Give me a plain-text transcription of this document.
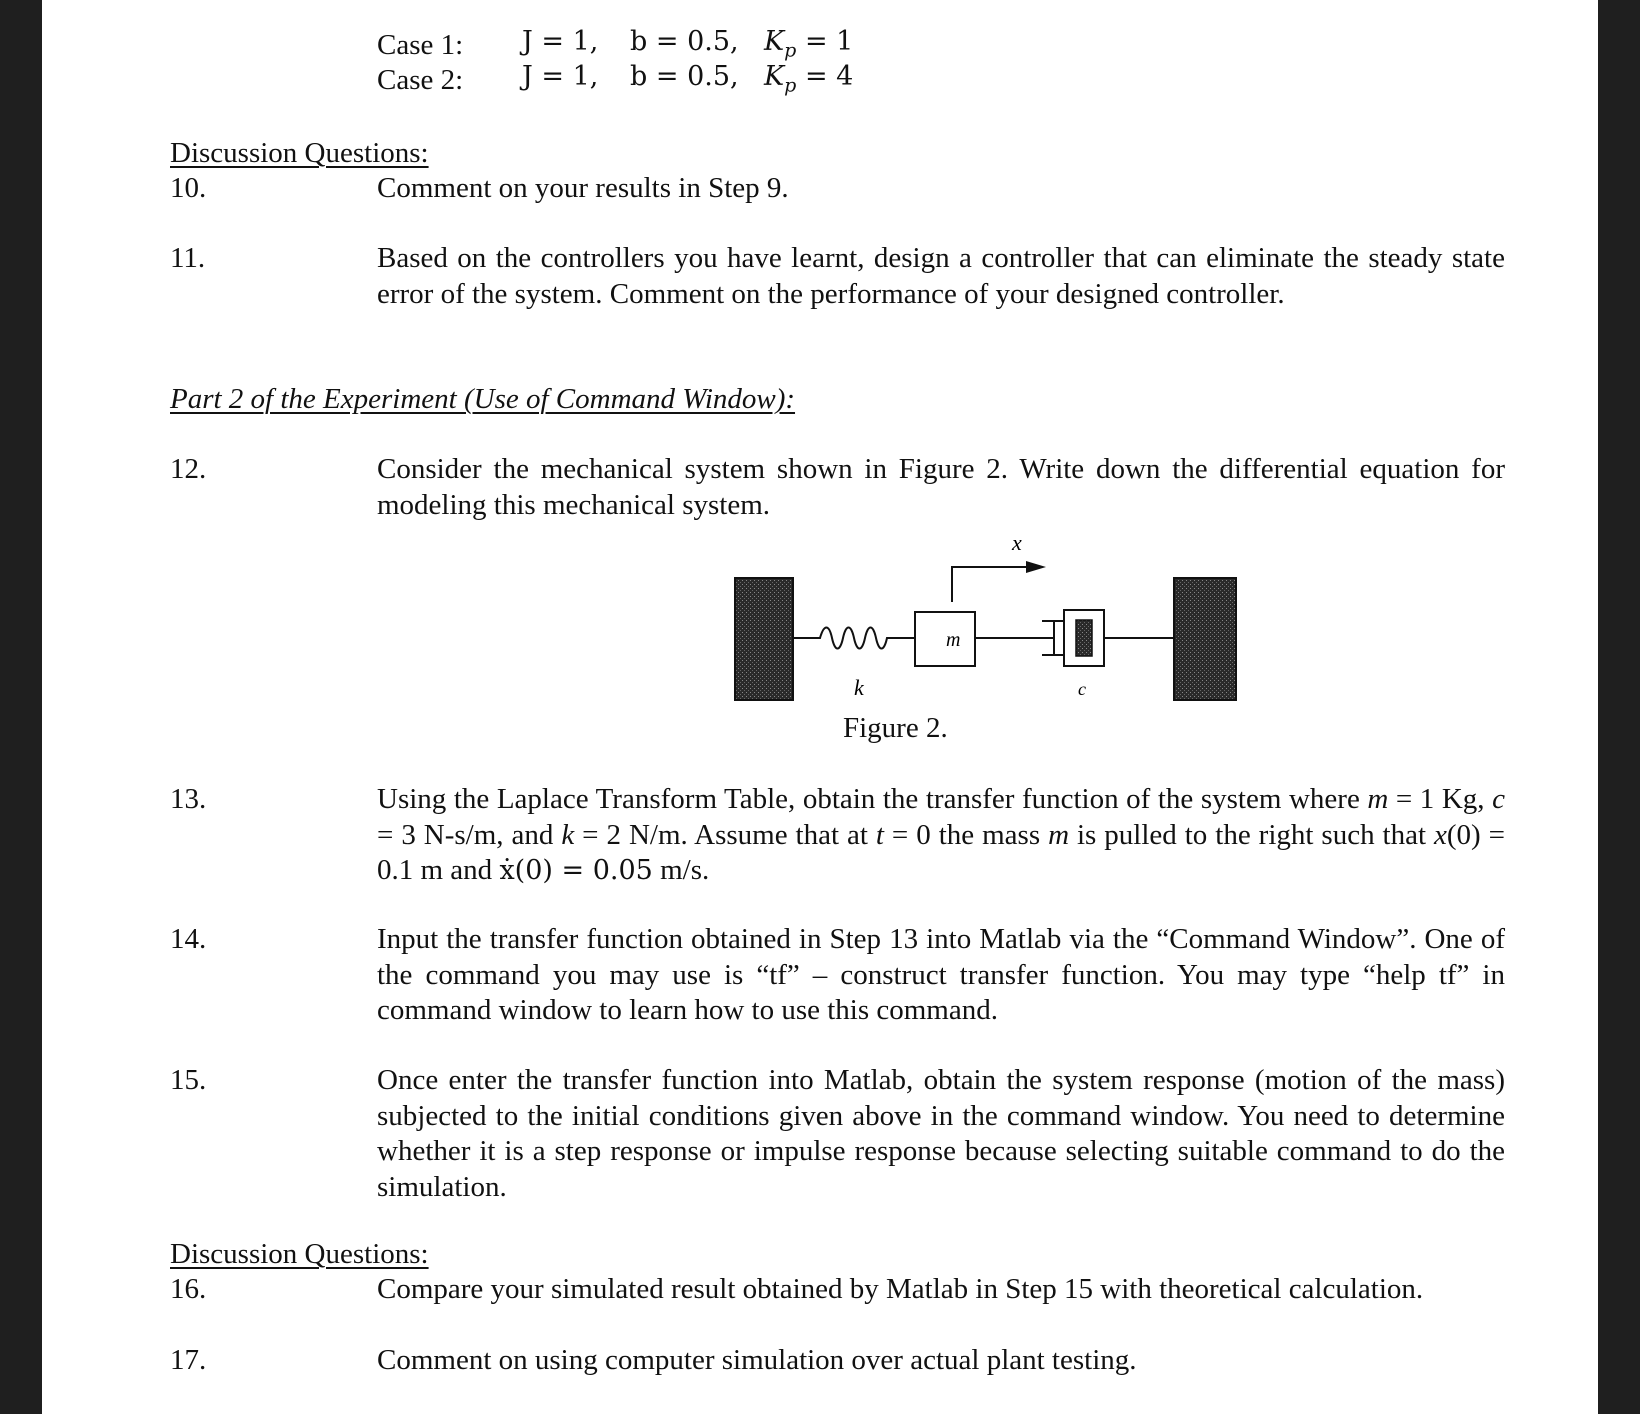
Case 1: J = 1, b = 0.5, $K_p = 1$
Case 2: J = 1, b = 0.5, $K_p = 4$
Discussion Questions:
10.	Comment on your results in Step 9.
11.	Based on the controllers you have learnt, design a controller that can eliminate the steady state error of the system. Comment on the performance of your designed controller.
Part 2 of the Experiment (Use of Command Window):
12.	Consider the mechanical system shown in Figure 2. Write down the differential equation for modeling this mechanical system.
x
m
k	c
Figure 2.
13.	Using the Laplace Transform Table, obtain the transfer function of the system where m = 1 Kg, c = 3 N-s/m, and k = 2 N/m. Assume that at t = 0 the mass m is pulled to the right such that x(0) = 0.1 m and ẋ(0) = 0.05 m/s.
14.	Input the transfer function obtained in Step 13 into Matlab via the “Command Window”. One of the command you may use is “tf” – construct transfer function. You may type “help tf” in command window to learn how to use this command.
15.	Once enter the transfer function into Matlab, obtain the system response (motion of the mass) subjected to the initial conditions given above in the command window. You need to determine whether it is a step response or impulse response because selecting suitable command to do the simulation.
Discussion Questions:
16.	Compare your simulated result obtained by Matlab in Step 15 with theoretical calculation.
17.	Comment on using computer simulation over actual plant testing.
